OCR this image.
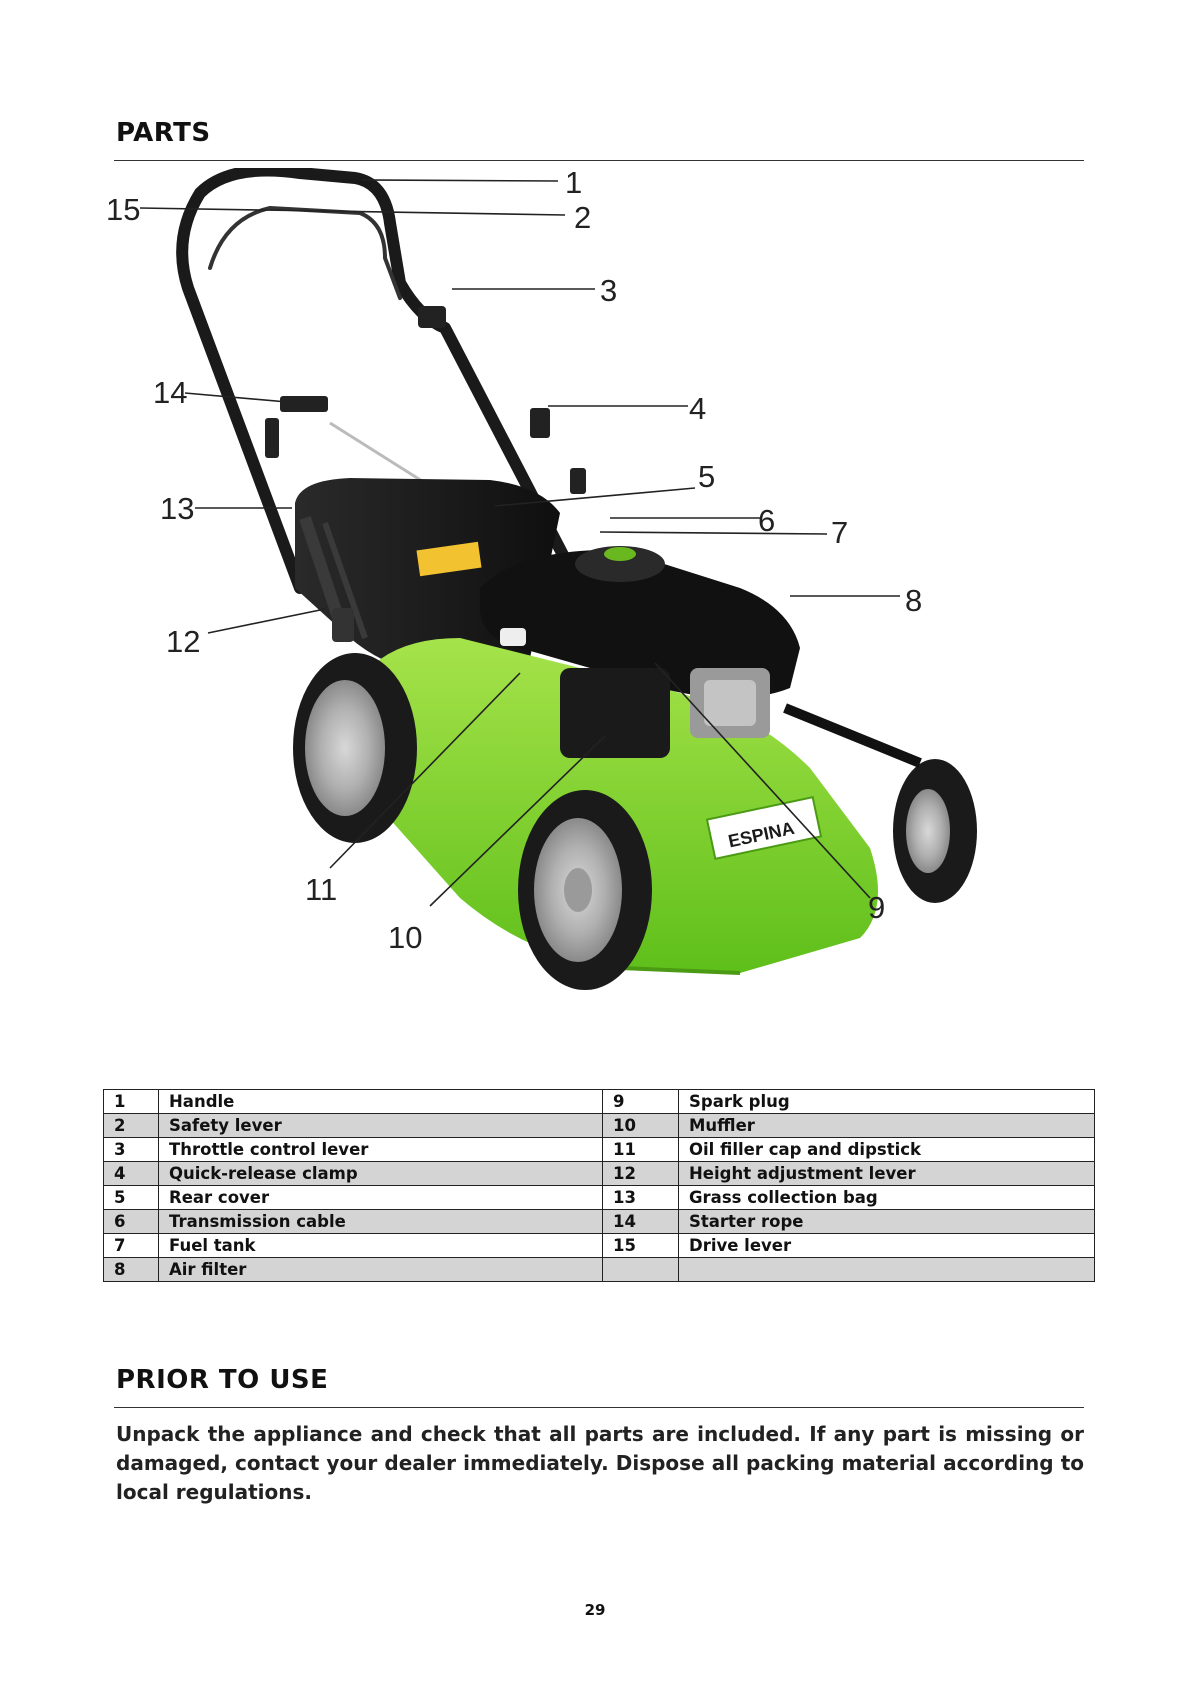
PARTS
ESPINA
1
2
3
4
5
6 7
8
9
10
11
12
13
14
15
1	Handle	9	Spark plug
2	Safety lever	10	Muffler
3	Throttle control lever	11	Oil filler cap and dipstick
4	Quick-release clamp	12	Height adjustment lever
5	Rear cover	13	Grass collection bag
6	Transmission cable	14	Starter rope
7	Fuel tank	15	Drive lever
8	Air filter		
PRIOR TO USE

Unpack the appliance and check that all parts are included. If any part is missing or damaged, contact your dealer immediately. Dispose all packing material according to local regulations.

29
